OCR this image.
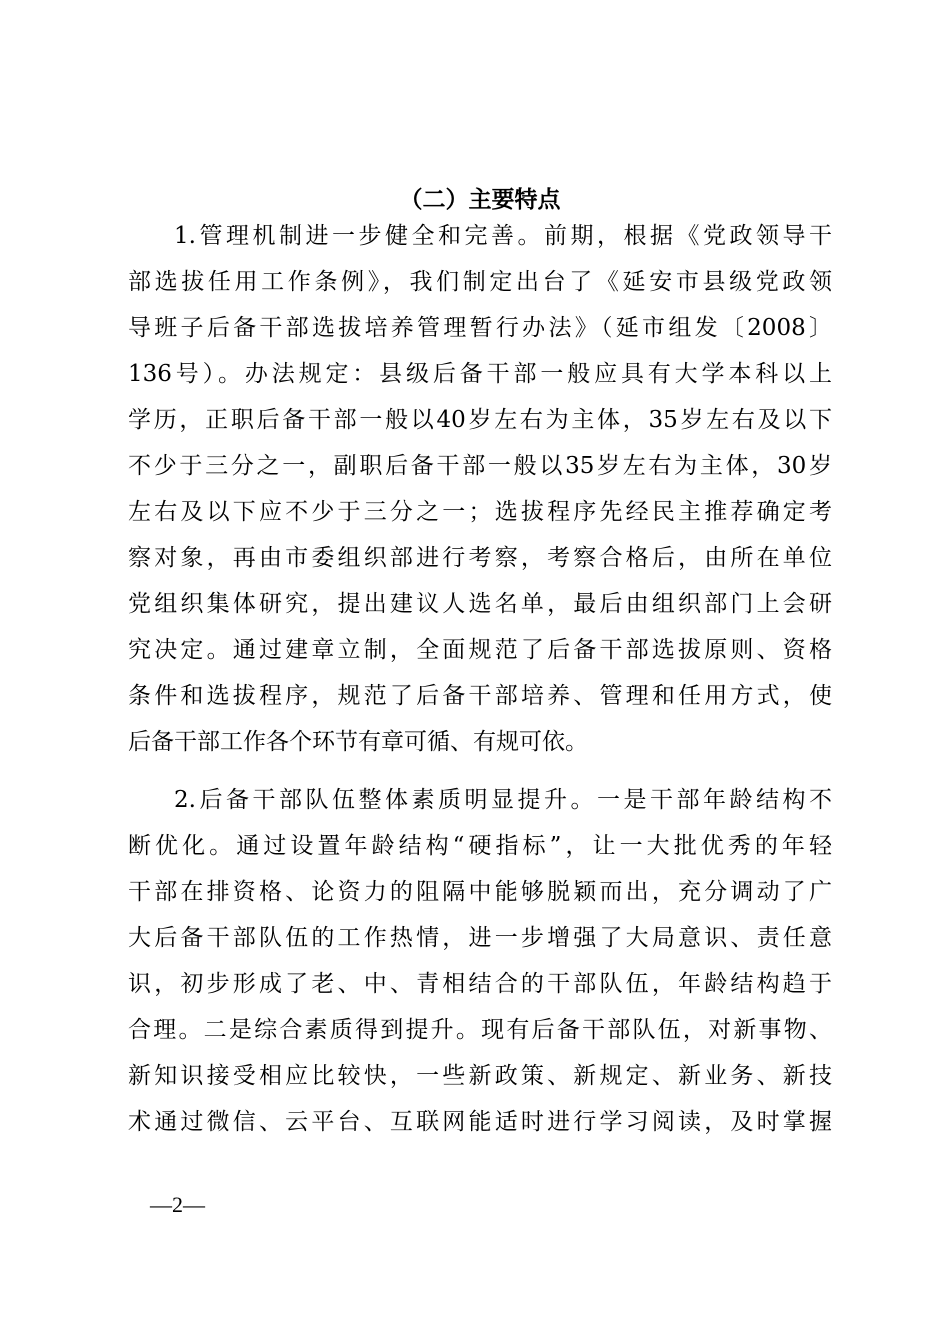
（二）主要特点
1.管理机制进一步健全和完善。前期，根据《党政领导干
部选拔任用工作条例》，我们制定出台了《延安市县级党政领
导班子后备干部选拔培养管理暂行办法》（延市组发〔2008〕
136号）。办法规定：县级后备干部一般应具有大学本科以上
学历，正职后备干部一般以40岁左右为主体，35岁左右及以下
不少于三分之一，副职后备干部一般以35岁左右为主体，30岁
左右及以下应不少于三分之一；选拔程序先经民主推荐确定考
察对象，再由市委组织部进行考察，考察合格后，由所在单位
党组织集体研究，提出建议人选名单，最后由组织部门上会研
究决定。通过建章立制，全面规范了后备干部选拔原则、资格
条件和选拔程序，规范了后备干部培养、管理和任用方式，使
后备干部工作各个环节有章可循、有规可依。
2.后备干部队伍整体素质明显提升。一是干部年龄结构不
断优化。通过设置年龄结构“硬指标”，让一大批优秀的年轻
干部在排资格、论资力的阻隔中能够脱颖而出，充分调动了广
大后备干部队伍的工作热情，进一步增强了大局意识、责任意
识，初步形成了老、中、青相结合的干部队伍，年龄结构趋于
合理。二是综合素质得到提升。现有后备干部队伍，对新事物、
新知识接受相应比较快，一些新政策、新规定、新业务、新技
术通过微信、云平台、互联网能适时进行学习阅读，及时掌握
—2—
